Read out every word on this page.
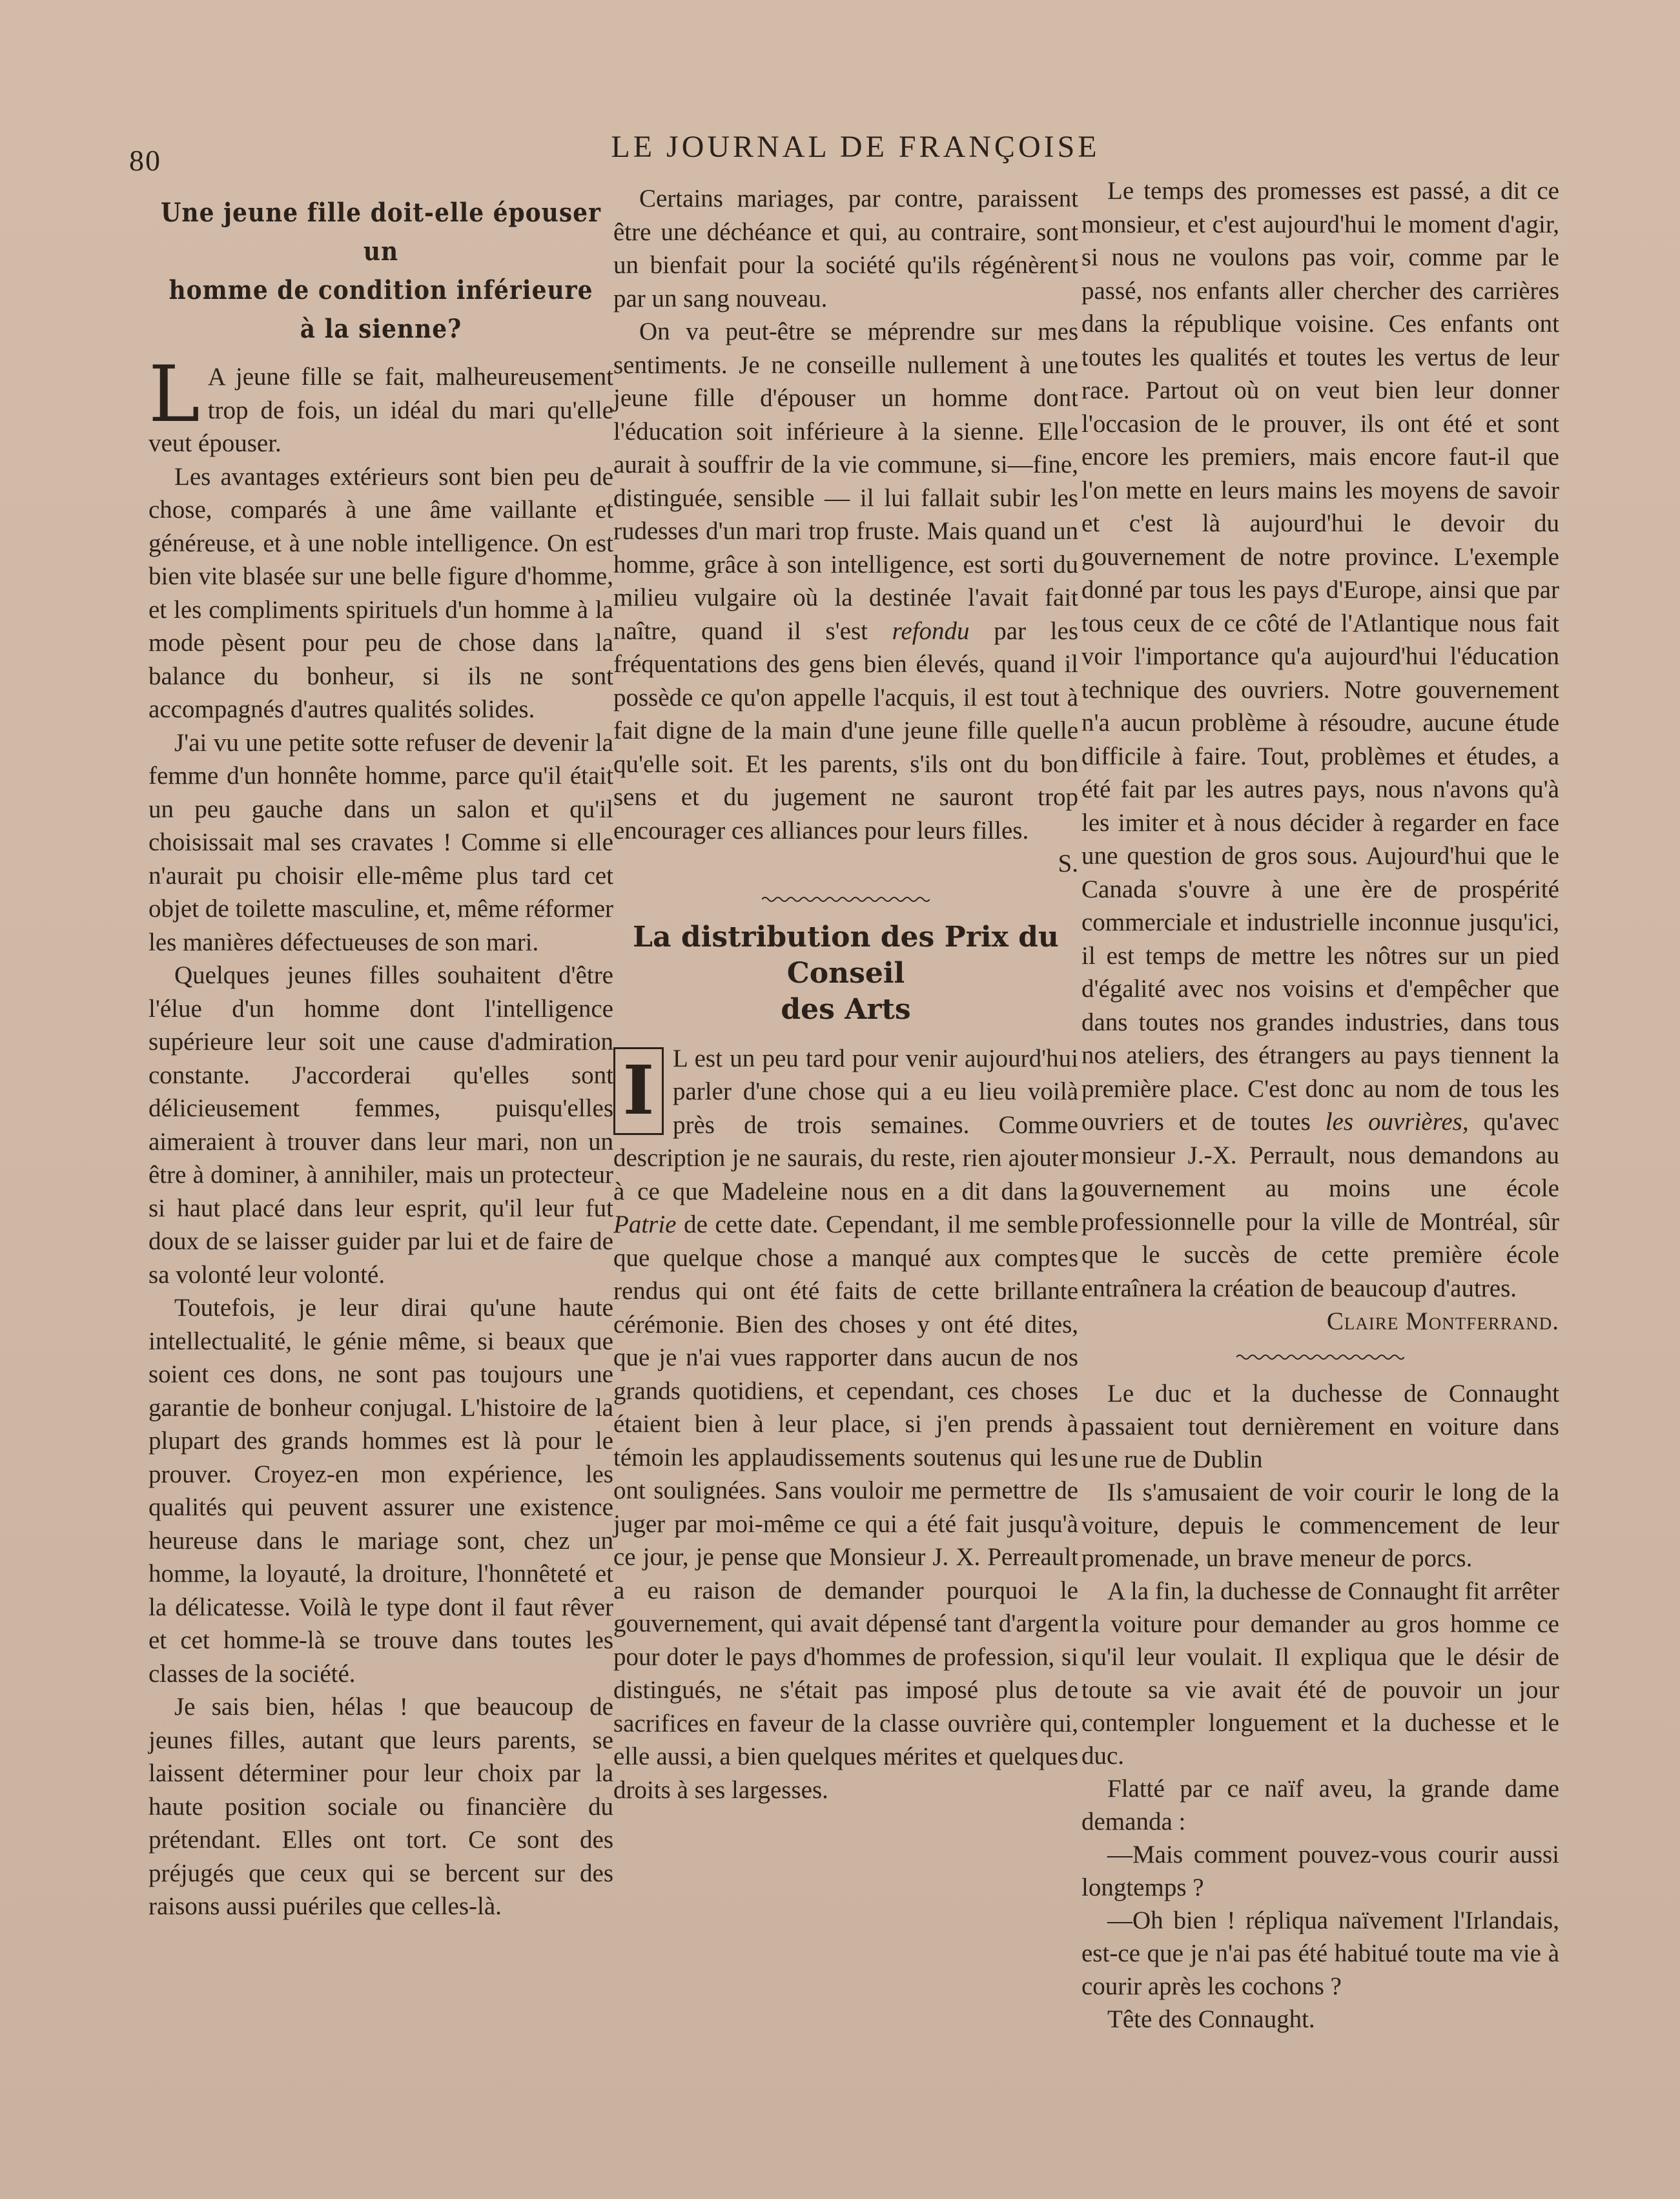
80	LE JOURNAL DE FRANÇOISE
Une jeune fille doit-elle épouser un
homme de condition inférieure
à la sienne?

L A jeune fille se fait, malheureusement trop de fois, un idéal du mari qu'elle veut épouser.

Les avantages extérieurs sont bien peu de chose, comparés à une âme vaillante et généreuse, et à une noble intelligence. On est bien vite blasée sur une belle figure d'homme, et les compliments spirituels d'un homme à la mode pèsent pour peu de chose dans la balance du bonheur, si ils ne sont accompagnés d'autres qualités solides.

J'ai vu une petite sotte refuser de devenir la femme d'un honnête homme, parce qu'il était un peu gauche dans un salon et qu'il choisissait mal ses cravates ! Comme si elle n'aurait pu choisir elle-même plus tard cet objet de toilette masculine, et, même réformer les manières défectueuses de son mari.

Quelques jeunes filles souhaitent d'être l'élue d'un homme dont l'intelligence supérieure leur soit une cause d'admiration constante. J'accorderai qu'elles sont délicieusement femmes, puisqu'elles aimeraient à trouver dans leur mari, non un être à dominer, à annihiler, mais un protecteur si haut placé dans leur esprit, qu'il leur fut doux de se laisser guider par lui et de faire de sa volonté leur volonté.

Toutefois, je leur dirai qu'une haute intellectualité, le génie même, si beaux que soient ces dons, ne sont pas toujours une garantie de bonheur conjugal. L'histoire de la plupart des grands hommes est là pour le prouver. Croyez-en mon expérience, les qualités qui peuvent assurer une existence heureuse dans le mariage sont, chez un homme, la loyauté, la droiture, l'honnêteté et la délicatesse. Voilà le type dont il faut rêver et cet homme-là se trouve dans toutes les classes de la société.

Je sais bien, hélas ! que beaucoup de jeunes filles, autant que leurs parents, se laissent déterminer pour leur choix par la haute position sociale ou financière du prétendant. Elles ont tort. Ce sont des préjugés que ceux qui se bercent sur des raisons aussi puériles que celles-là.

Certains mariages, par contre, paraissent être une déchéance et qui, au contraire, sont un bienfait pour la société qu'ils régénèrent par un sang nouveau.

On va peut-être se méprendre sur mes sentiments. Je ne conseille nullement à une jeune fille d'épouser un homme dont l'éducation soit inférieure à la sienne. Elle aurait à souffrir de la vie commune, si—fine, distinguée, sensible — il lui fallait subir les rudesses d'un mari trop fruste. Mais quand un homme, grâce à son intelligence, est sorti du milieu vulgaire où la destinée l'avait fait naître, quand il s'est refondu par les fréquentations des gens bien élevés, quand il possède ce qu'on appelle l'acquis, il est tout à fait digne de la main d'une jeune fille quelle qu'elle soit. Et les parents, s'ils ont du bon sens et du jugement ne sauront trop encourager ces alliances pour leurs filles.

S.

La distribution des Prix du Conseil
des Arts

I L est un peu tard pour venir aujourd'hui parler d'une chose qui a eu lieu voilà près de trois semaines. Comme description je ne saurais, du reste, rien ajouter à ce que Madeleine nous en a dit dans la Patrie de cette date. Cependant, il me semble que quelque chose a manqué aux comptes rendus qui ont été faits de cette brillante cérémonie. Bien des choses y ont été dites, que je n'ai vues rapporter dans aucun de nos grands quotidiens, et cependant, ces choses étaient bien à leur place, si j'en prends à témoin les applaudissements soutenus qui les ont soulignées. Sans vouloir me permettre de juger par moi-même ce qui a été fait jusqu'à ce jour, je pense que Monsieur J. X. Perreault a eu raison de demander pourquoi le gouvernement, qui avait dépensé tant d'argent pour doter le pays d'hommes de profession, si distingués, ne s'était pas imposé plus de sacrifices en faveur de la classe ouvrière qui, elle aussi, a bien quelques mérites et quelques droits à ses largesses.

Le temps des promesses est passé, a dit ce monsieur, et c'est aujourd'hui le moment d'agir, si nous ne voulons pas voir, comme par le passé, nos enfants aller chercher des carrières dans la république voisine. Ces enfants ont toutes les qualités et toutes les vertus de leur race. Partout où on veut bien leur donner l'occasion de le prouver, ils ont été et sont encore les premiers, mais encore faut-il que l'on mette en leurs mains les moyens de savoir et c'est là aujourd'hui le devoir du gouvernement de notre province. L'exemple donné par tous les pays d'Europe, ainsi que par tous ceux de ce côté de l'Atlantique nous fait voir l'importance qu'a aujourd'hui l'éducation technique des ouvriers. Notre gouvernement n'a aucun problème à résoudre, aucune étude difficile à faire. Tout, problèmes et études, a été fait par les autres pays, nous n'avons qu'à les imiter et à nous décider à regarder en face une question de gros sous. Aujourd'hui que le Canada s'ouvre à une ère de prospérité commerciale et industrielle inconnue jusqu'ici, il est temps de mettre les nôtres sur un pied d'égalité avec nos voisins et d'empêcher que dans toutes nos grandes industries, dans tous nos ateliers, des étrangers au pays tiennent la première place. C'est donc au nom de tous les ouvriers et de toutes les ouvrières, qu'avec monsieur J.-X. Perrault, nous demandons au gouvernement au moins une école professionnelle pour la ville de Montréal, sûr que le succès de cette première école entraînera la création de beaucoup d'autres.

Claire Montferrand.

Le duc et la duchesse de Connaught passaient tout dernièrement en voiture dans une rue de Dublin

Ils s'amusaient de voir courir le long de la voiture, depuis le commencement de leur promenade, un brave meneur de porcs.

A la fin, la duchesse de Connaught fit arrêter la voiture pour demander au gros homme ce qu'il leur voulait. Il expliqua que le désir de toute sa vie avait été de pouvoir un jour contempler longuement et la duchesse et le duc.

Flatté par ce naïf aveu, la grande dame demanda :

—Mais comment pouvez-vous courir aussi longtemps ?

—Oh bien ! répliqua naïvement l'Irlandais, est-ce que je n'ai pas été habitué toute ma vie à courir après les cochons ?

Tête des Connaught.
